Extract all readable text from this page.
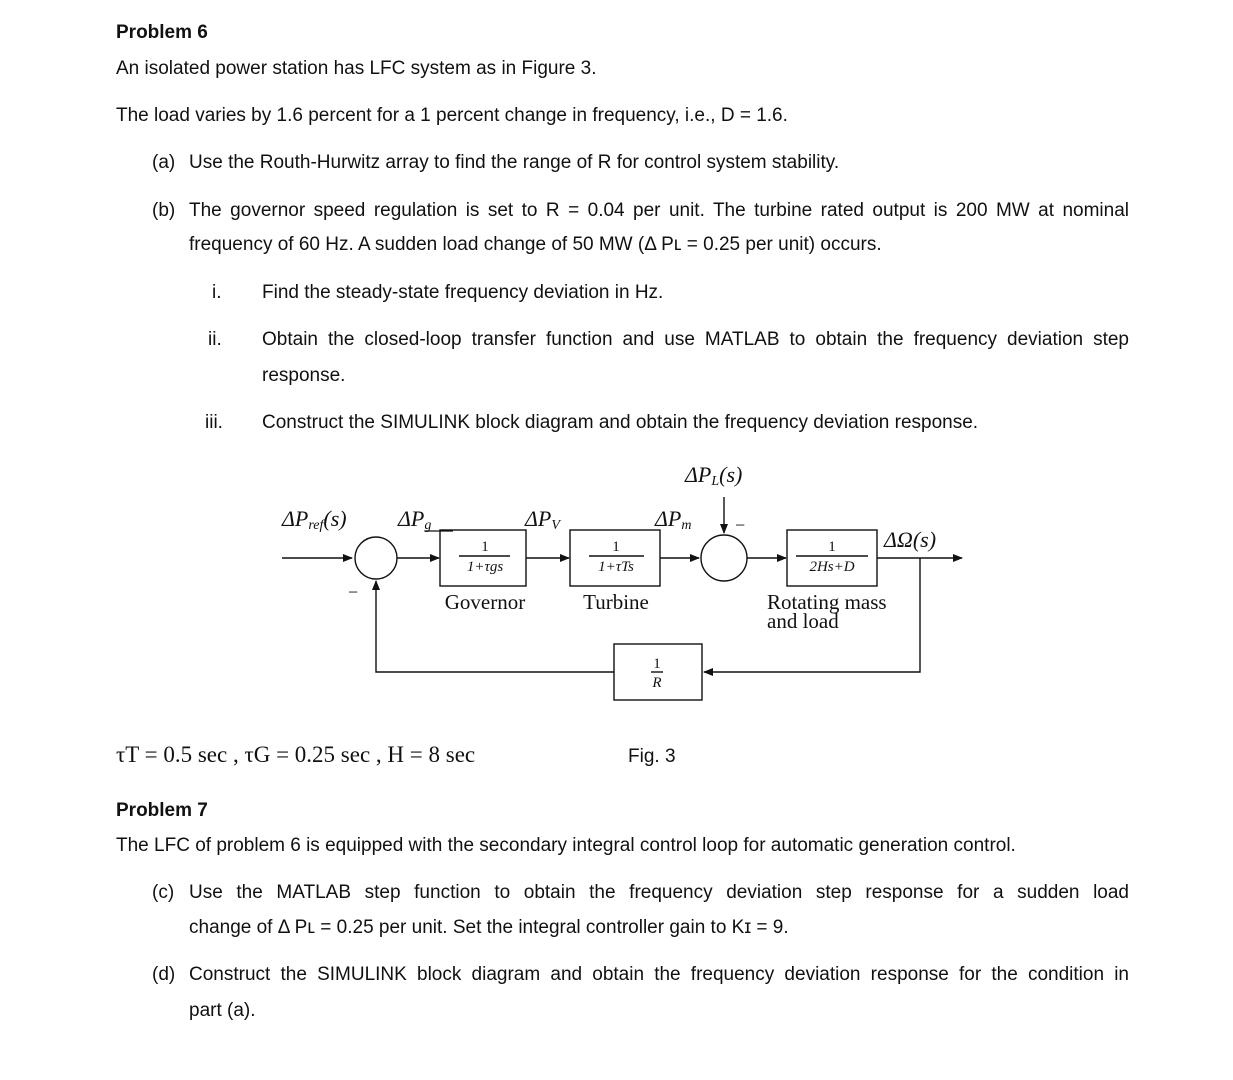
Problem 6
An isolated power station has LFC system as in Figure 3.
The load varies by 1.6 percent for a 1 percent change in frequency, i.e., D = 1.6.
(a) Use the Routh-Hurwitz array to find the range of R for control system stability.
(b) The governor speed regulation is set to R = 0.04 per unit. The turbine rated output is 200 MW at nominal
frequency of 60 Hz. A sudden load change of 50 MW (Δ Pʟ = 0.25 per unit) occurs.
i. Find the steady-state frequency deviation in Hz.
ii. Obtain the closed-loop transfer function and use MATLAB to obtain the frequency deviation step
response.
iii. Construct the SIMULINK block diagram and obtain the frequency deviation response.
ΔPref(s) ΔPg	ΔPV	ΔPm
ΔPL(s)
−
−
ΔΩ(s)
1
1+τgs
1
1+τTs
1
2Hs+D
1
R
Governor	Turbine	Rotating mass
and load
τT = 0.5 sec , τG = 0.25 sec , H = 8 sec	Fig. 3
Problem 7
The LFC of problem 6 is equipped with the secondary integral control loop for automatic generation control.
(c) Use the MATLAB step function to obtain the frequency deviation step response for a sudden load
change of Δ Pʟ = 0.25 per unit. Set the integral controller gain to Kɪ = 9.
(d) Construct the SIMULINK block diagram and obtain the frequency deviation response for the condition in
part (a).
